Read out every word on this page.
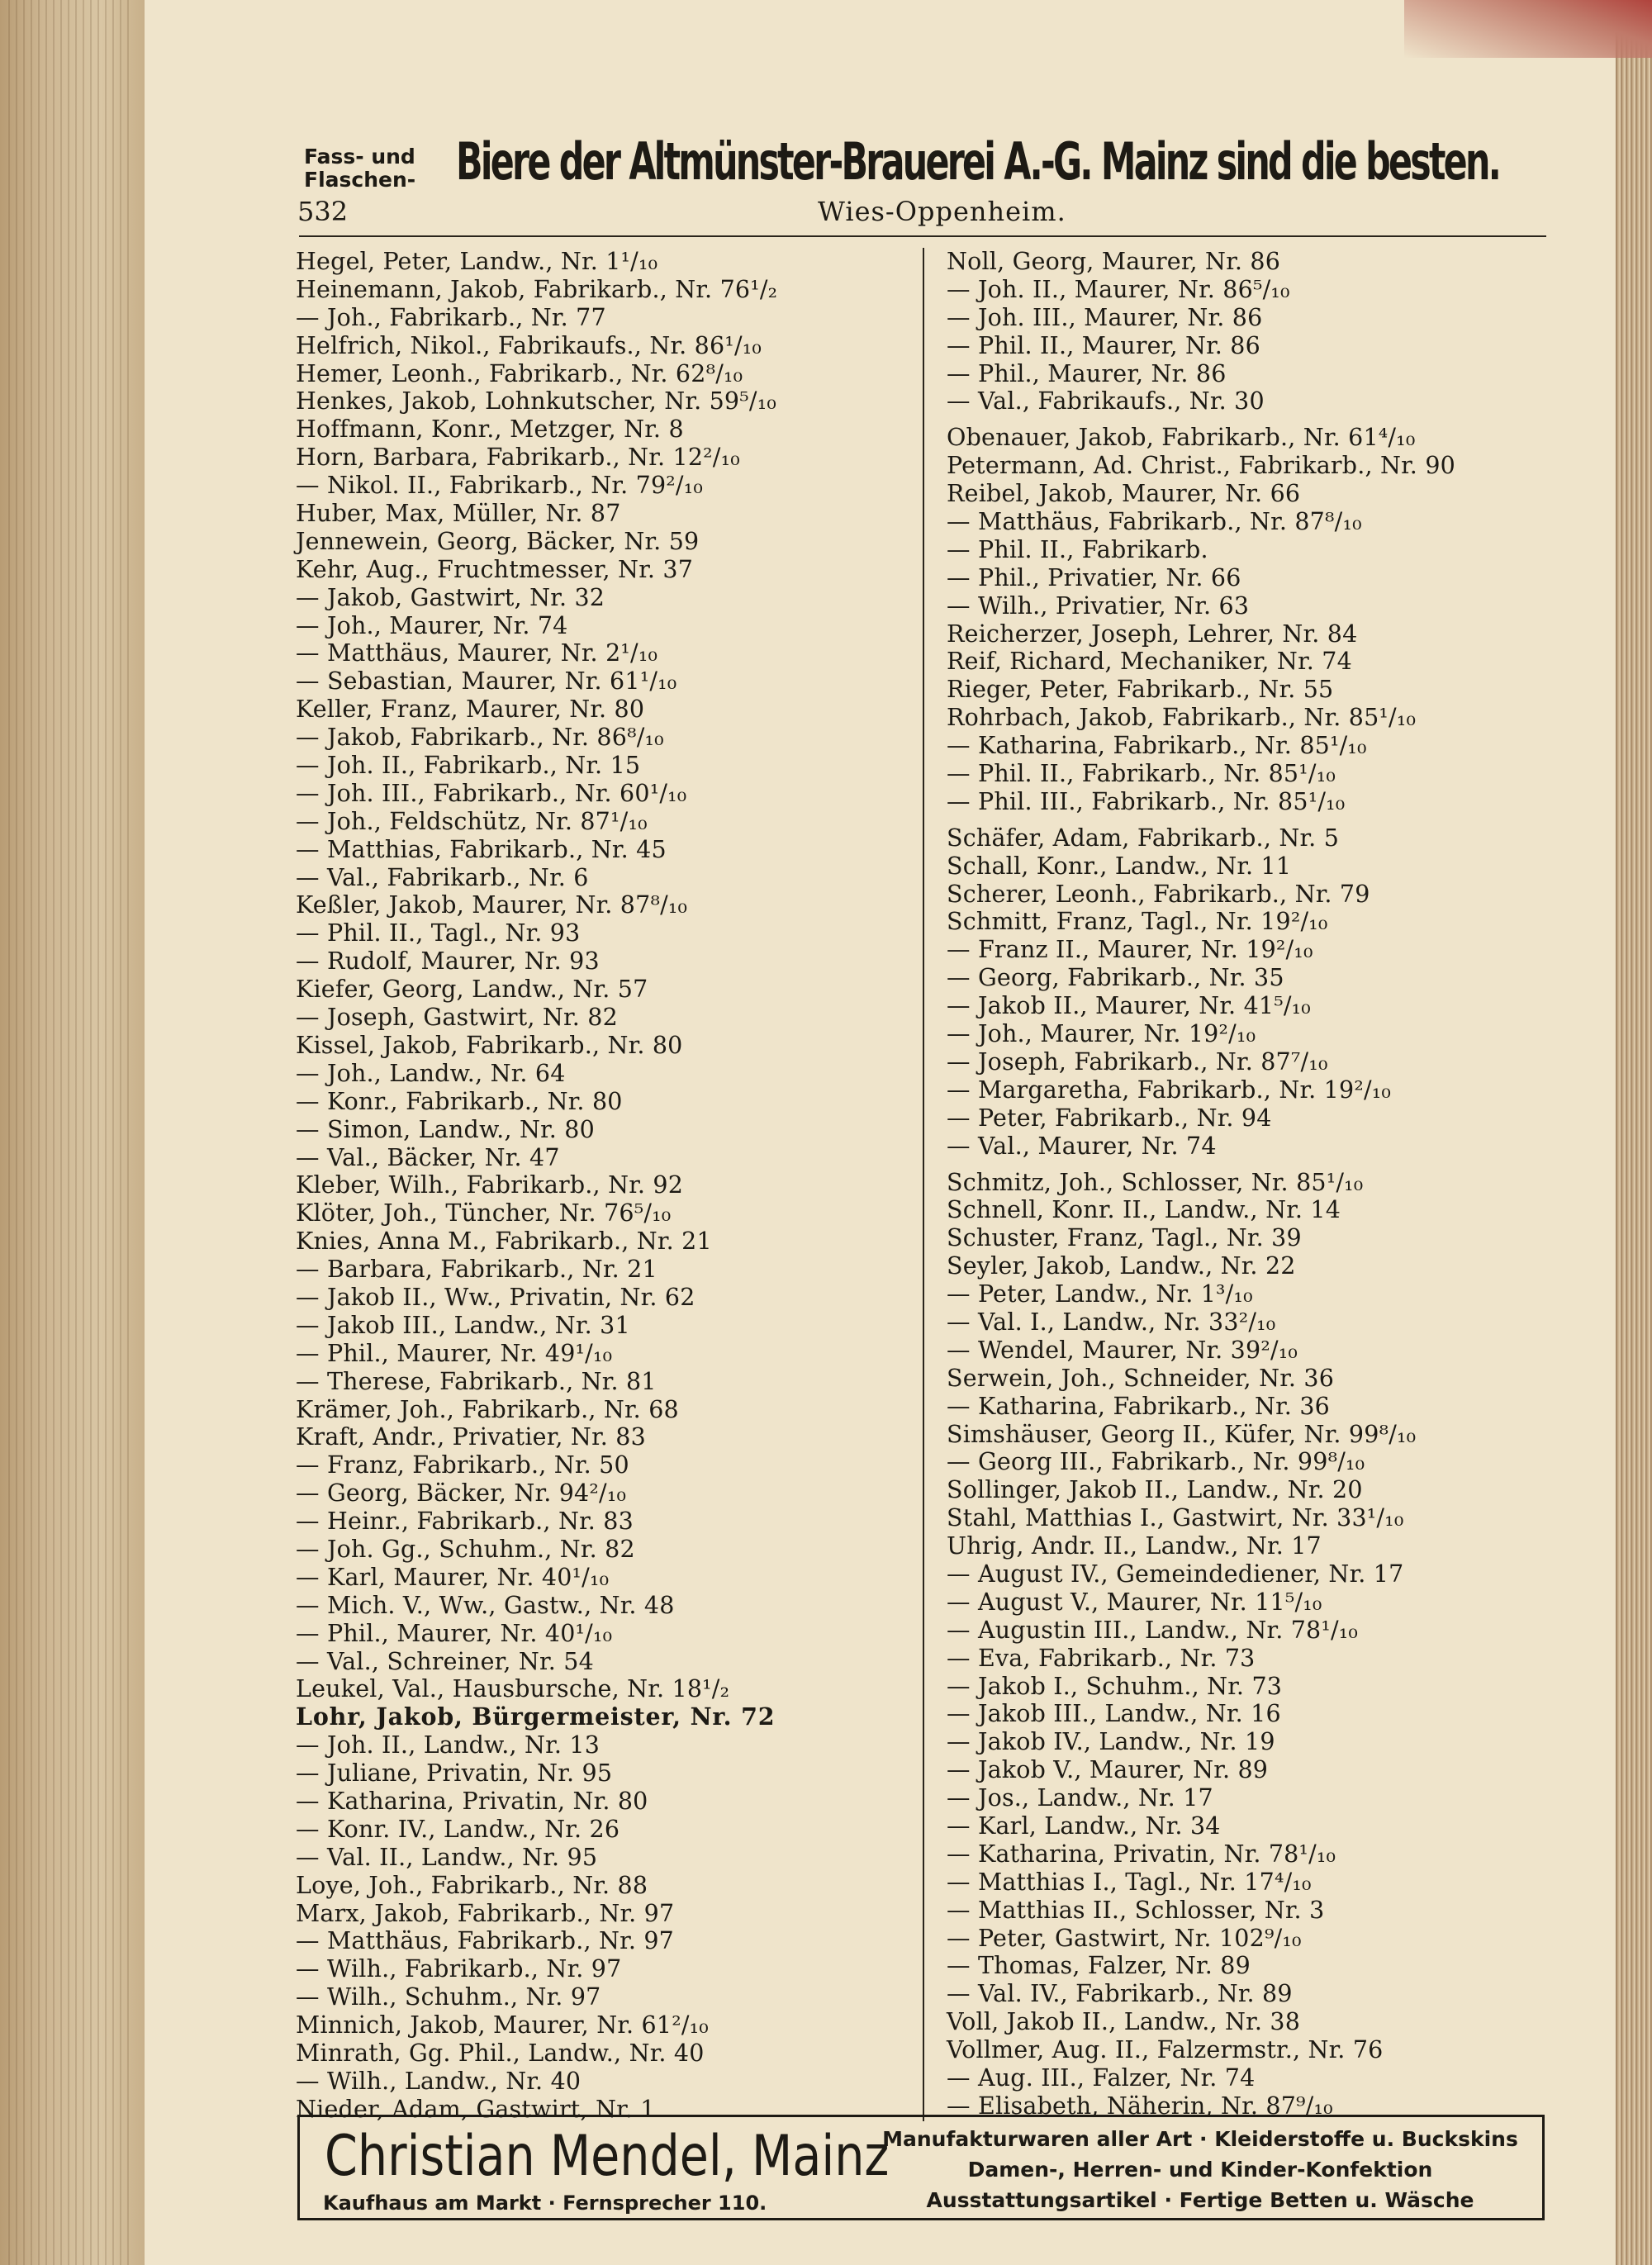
Fass- und
Flaschen- Biere der Altmünster-Brauerei A.-G. Mainz sind die besten.
532	Wies-Oppenheim.
Hegel, Peter, Landw., Nr. 1¹/₁₀
Heinemann, Jakob, Fabrikarb., Nr. 76¹/₂
— Joh., Fabrikarb., Nr. 77
Helfrich, Nikol., Fabrikaufs., Nr. 86¹/₁₀
Hemer, Leonh., Fabrikarb., Nr. 62⁸/₁₀
Henkes, Jakob, Lohnkutscher, Nr. 59⁵/₁₀
Hoffmann, Konr., Metzger, Nr. 8
Horn, Barbara, Fabrikarb., Nr. 12²/₁₀
— Nikol. II., Fabrikarb., Nr. 79²/₁₀
Huber, Max, Müller, Nr. 87
Jennewein, Georg, Bäcker, Nr. 59
Kehr, Aug., Fruchtmesser, Nr. 37
— Jakob, Gastwirt, Nr. 32
— Joh., Maurer, Nr. 74
— Matthäus, Maurer, Nr. 2¹/₁₀
— Sebastian, Maurer, Nr. 61¹/₁₀
Keller, Franz, Maurer, Nr. 80
— Jakob, Fabrikarb., Nr. 86⁸/₁₀
— Joh. II., Fabrikarb., Nr. 15
— Joh. III., Fabrikarb., Nr. 60¹/₁₀
— Joh., Feldschütz, Nr. 87¹/₁₀
— Matthias, Fabrikarb., Nr. 45
— Val., Fabrikarb., Nr. 6
Keßler, Jakob, Maurer, Nr. 87⁸/₁₀
— Phil. II., Tagl., Nr. 93
— Rudolf, Maurer, Nr. 93
Kiefer, Georg, Landw., Nr. 57
— Joseph, Gastwirt, Nr. 82
Kissel, Jakob, Fabrikarb., Nr. 80
— Joh., Landw., Nr. 64
— Konr., Fabrikarb., Nr. 80
— Simon, Landw., Nr. 80
— Val., Bäcker, Nr. 47
Kleber, Wilh., Fabrikarb., Nr. 92
Klöter, Joh., Tüncher, Nr. 76⁵/₁₀
Knies, Anna M., Fabrikarb., Nr. 21
— Barbara, Fabrikarb., Nr. 21
— Jakob II., Ww., Privatin, Nr. 62
— Jakob III., Landw., Nr. 31
— Phil., Maurer, Nr. 49¹/₁₀
— Therese, Fabrikarb., Nr. 81
Krämer, Joh., Fabrikarb., Nr. 68
Kraft, Andr., Privatier, Nr. 83
— Franz, Fabrikarb., Nr. 50
— Georg, Bäcker, Nr. 94²/₁₀
— Heinr., Fabrikarb., Nr. 83
— Joh. Gg., Schuhm., Nr. 82
— Karl, Maurer, Nr. 40¹/₁₀
— Mich. V., Ww., Gastw., Nr. 48
— Phil., Maurer, Nr. 40¹/₁₀
— Val., Schreiner, Nr. 54
Leukel, Val., Hausbursche, Nr. 18¹/₂
Lohr, Jakob, Bürgermeister, Nr. 72
— Joh. II., Landw., Nr. 13
— Juliane, Privatin, Nr. 95
— Katharina, Privatin, Nr. 80
— Konr. IV., Landw., Nr. 26
— Val. II., Landw., Nr. 95
Loye, Joh., Fabrikarb., Nr. 88
Marx, Jakob, Fabrikarb., Nr. 97
— Matthäus, Fabrikarb., Nr. 97
— Wilh., Fabrikarb., Nr. 97
— Wilh., Schuhm., Nr. 97
Minnich, Jakob, Maurer, Nr. 61²/₁₀
Minrath, Gg. Phil., Landw., Nr. 40
— Wilh., Landw., Nr. 40
Nieder, Adam, Gastwirt, Nr. 1
Noll, Georg, Maurer, Nr. 86
— Joh. II., Maurer, Nr. 86⁵/₁₀
— Joh. III., Maurer, Nr. 86
— Phil. II., Maurer, Nr. 86
— Phil., Maurer, Nr. 86
— Val., Fabrikaufs., Nr. 30
Obenauer, Jakob, Fabrikarb., Nr. 61⁴/₁₀
Petermann, Ad. Christ., Fabrikarb., Nr. 90
Reibel, Jakob, Maurer, Nr. 66
— Matthäus, Fabrikarb., Nr. 87⁸/₁₀
— Phil. II., Fabrikarb.
— Phil., Privatier, Nr. 66
— Wilh., Privatier, Nr. 63
Reicherzer, Joseph, Lehrer, Nr. 84
Reif, Richard, Mechaniker, Nr. 74
Rieger, Peter, Fabrikarb., Nr. 55
Rohrbach, Jakob, Fabrikarb., Nr. 85¹/₁₀
— Katharina, Fabrikarb., Nr. 85¹/₁₀
— Phil. II., Fabrikarb., Nr. 85¹/₁₀
— Phil. III., Fabrikarb., Nr. 85¹/₁₀
Schäfer, Adam, Fabrikarb., Nr. 5
Schall, Konr., Landw., Nr. 11
Scherer, Leonh., Fabrikarb., Nr. 79
Schmitt, Franz, Tagl., Nr. 19²/₁₀
— Franz II., Maurer, Nr. 19²/₁₀
— Georg, Fabrikarb., Nr. 35
— Jakob II., Maurer, Nr. 41⁵/₁₀
— Joh., Maurer, Nr. 19²/₁₀
— Joseph, Fabrikarb., Nr. 87⁷/₁₀
— Margaretha, Fabrikarb., Nr. 19²/₁₀
— Peter, Fabrikarb., Nr. 94
— Val., Maurer, Nr. 74
Schmitz, Joh., Schlosser, Nr. 85¹/₁₀
Schnell, Konr. II., Landw., Nr. 14
Schuster, Franz, Tagl., Nr. 39
Seyler, Jakob, Landw., Nr. 22
— Peter, Landw., Nr. 1³/₁₀
— Val. I., Landw., Nr. 33²/₁₀
— Wendel, Maurer, Nr. 39²/₁₀
Serwein, Joh., Schneider, Nr. 36
— Katharina, Fabrikarb., Nr. 36
Simshäuser, Georg II., Küfer, Nr. 99⁸/₁₀
— Georg III., Fabrikarb., Nr. 99⁸/₁₀
Sollinger, Jakob II., Landw., Nr. 20
Stahl, Matthias I., Gastwirt, Nr. 33¹/₁₀
Uhrig, Andr. II., Landw., Nr. 17
— August IV., Gemeindediener, Nr. 17
— August V., Maurer, Nr. 11⁵/₁₀
— Augustin III., Landw., Nr. 78¹/₁₀
— Eva, Fabrikarb., Nr. 73
— Jakob I., Schuhm., Nr. 73
— Jakob III., Landw., Nr. 16
— Jakob IV., Landw., Nr. 19
— Jakob V., Maurer, Nr. 89
— Jos., Landw., Nr. 17
— Karl, Landw., Nr. 34
— Katharina, Privatin, Nr. 78¹/₁₀
— Matthias I., Tagl., Nr. 17⁴/₁₀
— Matthias II., Schlosser, Nr. 3
— Peter, Gastwirt, Nr. 102⁹/₁₀
— Thomas, Falzer, Nr. 89
— Val. IV., Fabrikarb., Nr. 89
Voll, Jakob II., Landw., Nr. 38
Vollmer, Aug. II., Falzermstr., Nr. 76
— Aug. III., Falzer, Nr. 74
— Elisabeth, Näherin, Nr. 87⁹/₁₀
Christian Mendel, Mainz
Kaufhaus am Markt · Fernsprecher 110.
Manufakturwaren aller Art · Kleiderstoffe u. Buckskins
Damen-, Herren- und Kinder-Konfektion
Ausstattungsartikel · Fertige Betten u. Wäsche
